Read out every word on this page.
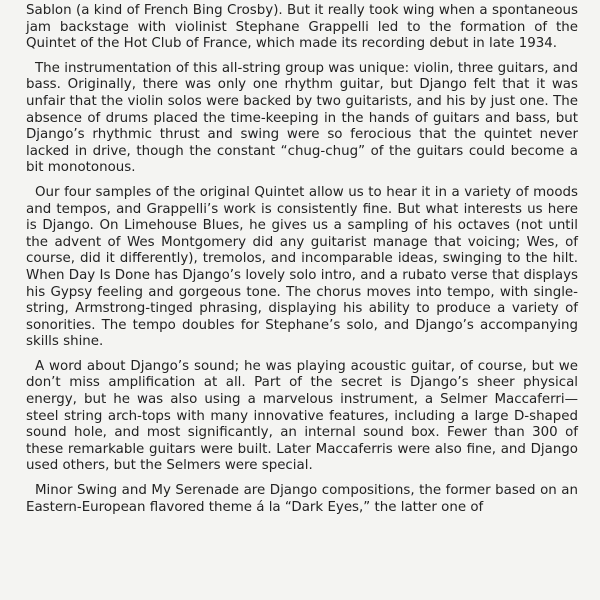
Sablon (a kind of French Bing Crosby). But it really took wing when a spontaneous jam backstage with violinist Stephane Grappelli led to the formation of the Quintet of the Hot Club of France, which made its recording debut in late 1934.

The instrumentation of this all-string group was unique: violin, three guitars, and bass. Originally, there was only one rhythm guitar, but Django felt that it was unfair that the violin solos were backed by two guitarists, and his by just one. The absence of drums placed the time-keeping in the hands of guitars and bass, but Django’s rhythmic thrust and swing were so ferocious that the quintet never lacked in drive, though the constant “chug-chug” of the guitars could become a bit monotonous.

Our four samples of the original Quintet allow us to hear it in a variety of moods and tempos, and Grappelli’s work is consistently fine. But what interests us here is Django. On Limehouse Blues, he gives us a sampling of his octaves (not until the advent of Wes Montgomery did any guitarist manage that voicing; Wes, of course, did it differently), tremolos, and incomparable ideas, swinging to the hilt. When Day Is Done has Django’s lovely solo intro, and a rubato verse that displays his Gypsy feeling and gorgeous tone. The chorus moves into tempo, with single-string, Armstrong-tinged phrasing, displaying his ability to produce a variety of sonorities. The tempo doubles for Stephane’s solo, and Django’s accompanying skills shine.

A word about Django’s sound; he was playing acoustic guitar, of course, but we don’t miss amplification at all. Part of the secret is Django’s sheer physical energy, but he was also using a marvelous instrument, a Selmer Maccaferri—steel string arch-tops with many innovative features, including a large D-shaped sound hole, and most significantly, an internal sound box. Fewer than 300 of these remarkable guitars were built. Later Maccaferris were also fine, and Django used others, but the Selmers were special.

Minor Swing and My Serenade are Django compositions, the former based on an Eastern-European flavored theme á la “Dark Eyes,” the latter one of
